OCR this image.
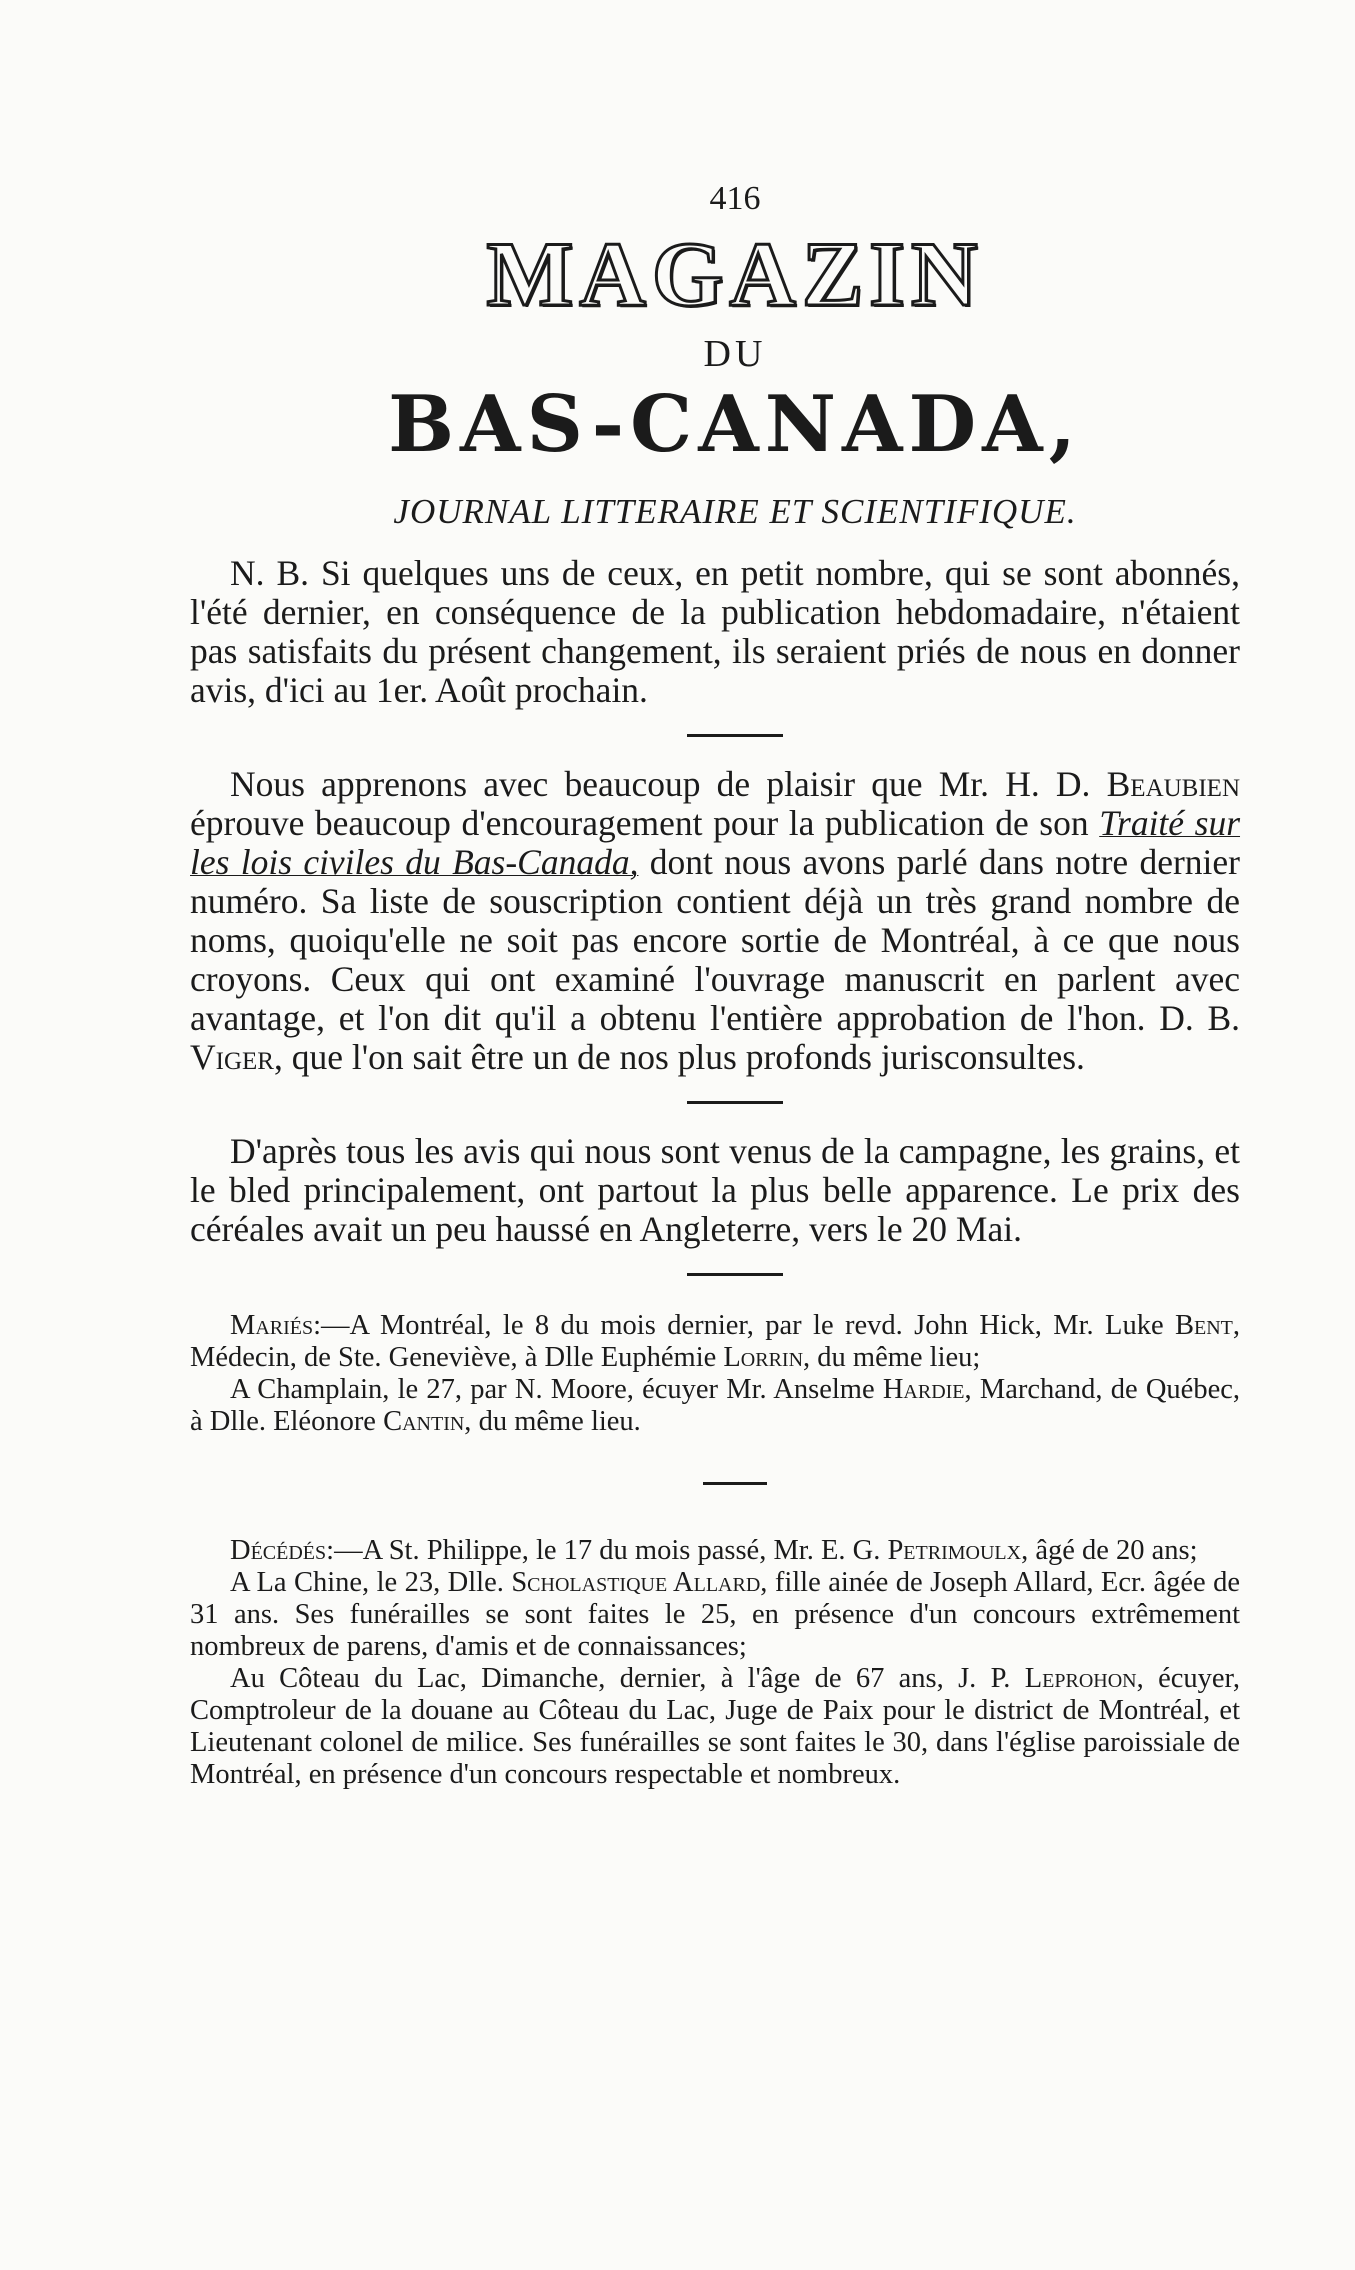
416
MAGAZIN
DU
BAS-CANADA,
JOURNAL LITTERAIRE ET SCIENTIFIQUE.

N. B. Si quelques uns de ceux, en petit nombre, qui se sont abonnés, l'été dernier, en conséquence de la publication hebdomadaire, n'étaient pas satisfaits du présent changement, ils seraient priés de nous en donner avis, d'ici au 1er. Août prochain.

Nous apprenons avec beaucoup de plaisir que Mr. H. D. Beaubien éprouve beaucoup d'encouragement pour la publication de son Traité sur les lois civiles du Bas-Canada, dont nous avons parlé dans notre dernier numéro. Sa liste de souscription contient déjà un très grand nombre de noms, quoiqu'elle ne soit pas encore sortie de Montréal, à ce que nous croyons. Ceux qui ont examiné l'ouvrage manuscrit en parlent avec avantage, et l'on dit qu'il a obtenu l'entière approbation de l'hon. D. B. Viger, que l'on sait être un de nos plus profonds jurisconsultes.

D'après tous les avis qui nous sont venus de la campagne, les grains, et le bled principalement, ont partout la plus belle apparence. Le prix des céréales avait un peu haussé en Angleterre, vers le 20 Mai.

Mariés:—A Montréal, le 8 du mois dernier, par le revd. John Hick, Mr. Luke Bent, Médecin, de Ste. Geneviève, à Dlle Euphémie Lorrin, du même lieu;

A Champlain, le 27, par N. Moore, écuyer Mr. Anselme Hardie, Marchand, de Québec, à Dlle. Eléonore Cantin, du même lieu.

Décédés:—A St. Philippe, le 17 du mois passé, Mr. E. G. Petrimoulx, âgé de 20 ans;

A La Chine, le 23, Dlle. Scholastique Allard, fille ainée de Joseph Allard, Ecr. âgée de 31 ans. Ses funérailles se sont faites le 25, en présence d'un concours extrêmement nombreux de parens, d'amis et de connaissances;

Au Côteau du Lac, Dimanche, dernier, à l'âge de 67 ans, J. P. Leprohon, écuyer, Comptroleur de la douane au Côteau du Lac, Juge de Paix pour le district de Montréal, et Lieutenant colonel de milice. Ses funérailles se sont faites le 30, dans l'église paroissiale de Montréal, en présence d'un concours respectable et nombreux.
